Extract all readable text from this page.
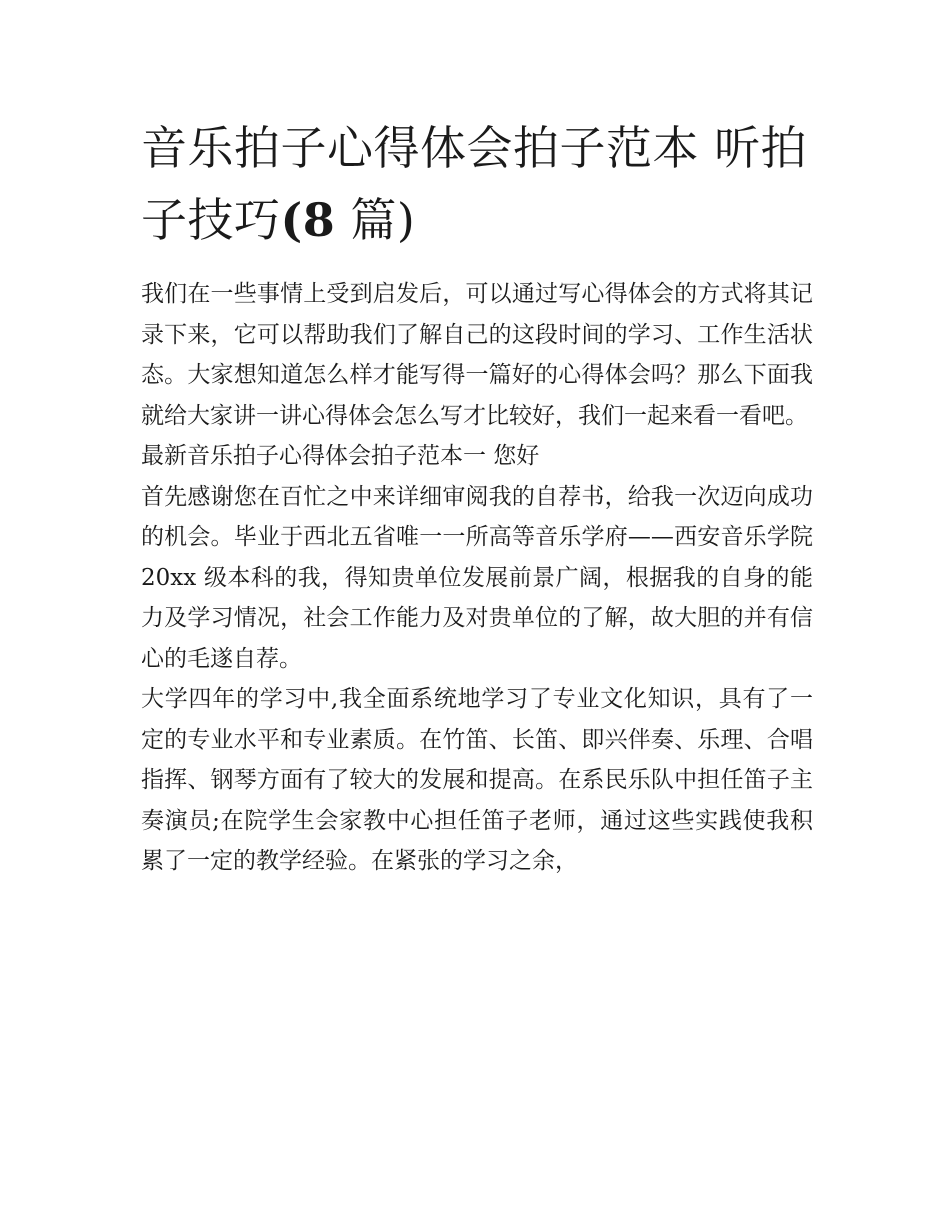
音乐拍子心得体会拍子范本 听拍子技巧(8 篇)

我们在一些事情上受到启发后，可以通过写心得体会的方式将其记录下来，它可以帮助我们了解自己的这段时间的学习、工作生活状态。大家想知道怎么样才能写得一篇好的心得体会吗？那么下面我就给大家讲一讲心得体会怎么写才比较好，我们一起来看一看吧。

最新音乐拍子心得体会拍子范本一 您好

首先感谢您在百忙之中来详细审阅我的自荐书，给我一次迈向成功的机会。毕业于西北五省唯一一所高等音乐学府——西安音乐学院 20xx 级本科的我，得知贵单位发展前景广阔，根据我的自身的能力及学习情况，社会工作能力及对贵单位的了解，故大胆的并有信心的毛遂自荐。

大学四年的学习中,我全面系统地学习了专业文化知识，具有了一定的专业水平和专业素质。在竹笛、长笛、即兴伴奏、乐理、合唱指挥、钢琴方面有了较大的发展和提高。在系民乐队中担任笛子主奏演员;在院学生会家教中心担任笛子老师，通过这些实践使我积累了一定的教学经验。在紧张的学习之余，
